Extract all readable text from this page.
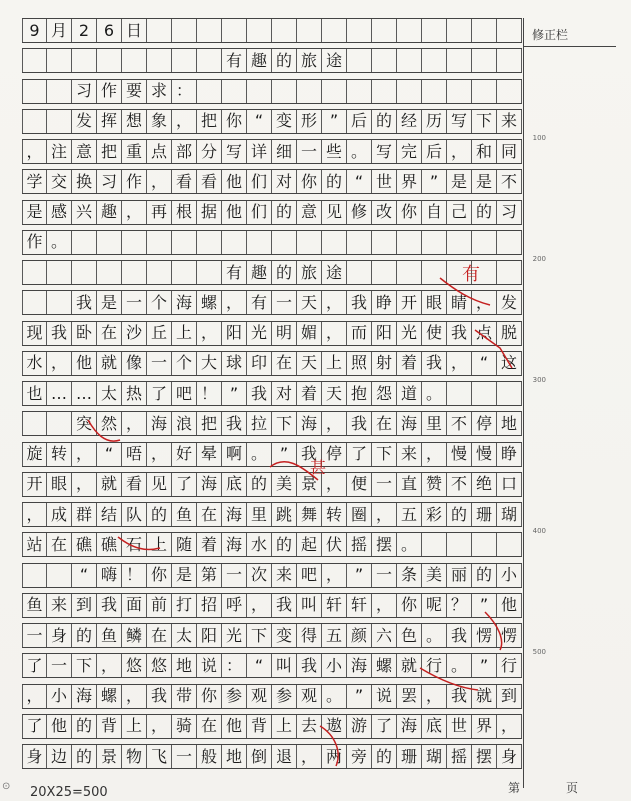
9 月 2 6 日
有 趣 的 旅 途
习 作 要 求 ：
发 挥 想 象 ， 把 你 “ 变 形 ” 后 的 经 历 写 下 来
， 注 意 把 重 点 部 分 写 详 细 一 些 。 写 完 后 ， 和 同
100
学 交 换 习 作 ， 看 看 他 们 对 你 的 “ 世 界 ” 是 是 不
是 感 兴 趣 ， 再 根 据 他 们 的 意 见 修 改 你 自 己 的 习
作 。
有 趣 的 旅 途
200
我 是 一 个 海 螺 ， 有 一 天 ， 我 睁 开 眼 睛 ， 发
现 我 卧 在 沙 丘 上 ， 阳 光 明 媚 ， 而 阳 光 使 我 点 脱
水 ， 他 就 像 一 个 大 球 印 在 天 上 照 射 着 我 ， “ 这
也 … … 太 热 了 吧 ！ ” 我 对 着 天 抱 怨 道 。
300
突 然 ， 海 浪 把 我 拉 下 海 ， 我 在 海 里 不 停 地
旋 转 ， “ 唔 ， 好 晕 啊 。 ” 我 停 了 下 来 ， 慢 慢 睁
开 眼 ， 就 看 见 了 海 底 的 美 景 ， 便 一 直 赞 不 绝 口
， 成 群 结 队 的 鱼 在 海 里 跳 舞 转 圈 ， 五 彩 的 珊 瑚
站 在 礁 礁 石 上 随 着 海 水 的 起 伏 摇 摆 。
400
“ 嗨 ！ 你 是 第 一 次 来 吧 ， ” 一 条 美 丽 的 小
鱼 来 到 我 面 前 打 招 呼 ， 我 叫 轩 轩 ， 你 呢 ？ ” 他
一 身 的 鱼 鳞 在 太 阳 光 下 变 得 五 颜 六 色 。 我 愣 愣
了 一 下 ， 悠 悠 地 说 ： “ 叫 我 小 海 螺 就 行 。 ” 行
500
， 小 海 螺 ， 我 带 你 参 观 参 观 。 ” 说 罢 ， 我 就 到
了 他 的 背 上 ， 骑 在 他 背 上 去 遨 游 了 海 底 世 界 ，
身 边 的 景 物 飞 一 般 地 倒 退 ， 两 旁 的 珊 瑚 摇 摆 身
修正栏
20X25=500	第	页
⊙
有
甚
